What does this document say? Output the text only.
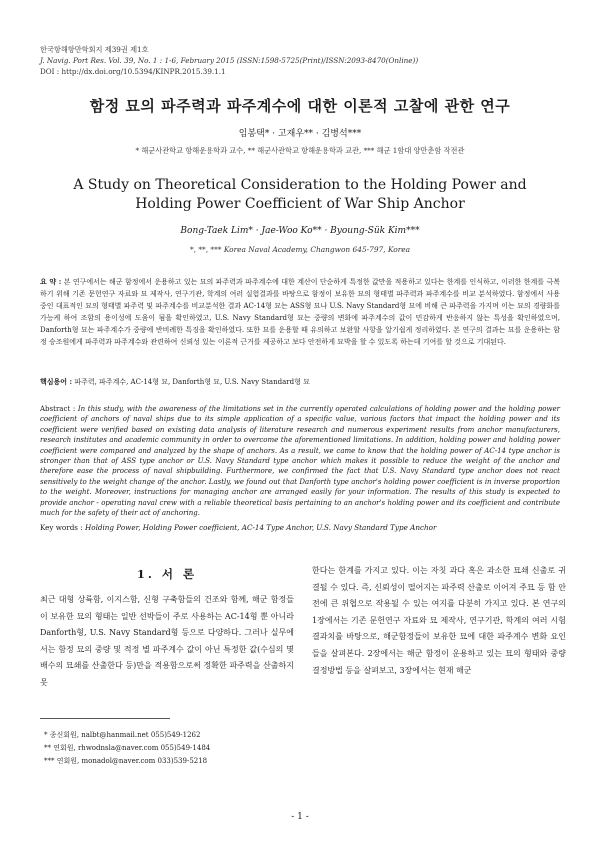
한국항해항만학회지 제39권 제1호
J. Navig. Port Res. Vol. 39, No. 1 : 1-6, February 2015 (ISSN:1598-5725(Print)/ISSN:2093-8470(Online))
DOI : http://dx.doi.org/10.5394/KINPR.2015.39.1.1
함정 묘의 파주력과 파주계수에 대한 이론적 고찰에 관한 연구
임봉택* · 고재우** · 김병석***
* 해군사관학교 항해운용학과 교수, ** 해군사관학교 항해운용학과 교관, *** 해군 1함대 양만춘함 작전관
A Study on Theoretical Consideration to the Holding Power and Holding Power Coefficient of War Ship Anchor
Bong-Taek Lim* · Jae-Woo Ko** · Byoung-Sük Kim***
*, **, *** Korea Naval Academy, Changwon 645-797, Korea
요 약 : 본 연구에서는 해군 함정에서 운용하고 있는 묘의 파주력과 파주계수에 대한 계산이 단순하게 특정한 값만을 적용하고 있다는 한계를 인식하고, 이러한 한계를 극복하기 위해 기존 문헌연구 자료와 묘 제작사, 연구기관, 학계의 여러 실험결과를 바탕으로 함정이 보유한 묘의 형태별 파주력과 파주계수를 비교 분석하였다. 함정에서 사용 중인 대표적인 묘의 형태별 파주력 및 파주계수를 비교분석한 결과 AC-14형 묘는 ASS형 묘나 U.S. Navy Standard형 묘에 비해 큰 파주력을 가지며 이는 묘의 경량화를 가능케 하여 조함의 용이성에 도움이 됨을 확인하였고, U.S. Navy Standard형 묘는 중량의 변화에 파주계수의 값이 민감하게 반응하지 않는 특성을 확인하였으며, Danforth형 묘는 파주계수가 중량에 반비례한 특징을 확인하였다. 또한 묘를 운용할 때 유의하고 보완할 사항을 알기쉽게 정리하였다. 본 연구의 결과는 묘를 운용하는 함정 승조원에게 파주력과 파주계수와 관련하여 신뢰성 있는 이론적 근거를 제공하고 보다 안전하게 묘박을 할 수 있도록 하는데 기여를 할 것으로 기대된다.
핵심용어 : 파주력, 파주계수, AC-14형 묘, Danforth형 묘, U.S. Navy Standard형 묘
Abstract : In this study, with the awareness of the limitations set in the currently operated calculations of holding power and the holding power coefficient of anchors of naval ships due to its simple application of a specific value, various factors that impact the holding power and its coefficient were verified based on existing data analysis of literature research and numerous experiment results from anchor manufacturers, research institutes and academic community in order to overcome the aforementioned limitations. In addition, holding power and holding power coefficient were compared and analyzed by the shape of anchors. As a result, we came to know that the holding power of AC-14 type anchor is stronger than that of ASS type anchor or U.S. Navy Standard type anchor which makes it possible to reduce the weight of the anchor and therefore ease the process of naval shipbuilding. Furthermore, we confirmed the fact that U.S. Navy Standard type anchor does not react sensitively to the weight change of the anchor. Lastly, we found out that Danforth type anchor's holding power coefficient is in inverse proportion to the weight. Moreover, instructions for managing anchor are arranged easily for your information. The results of this study is expected to provide anchor - operating naval crew with a reliable theoretical basis pertaining to an anchor's holding power and its coefficient and contribute much for the safety of their act of anchoring.
Key words : Holding Power, Holding Power coefficient, AC-14 Type Anchor, U.S. Navy Standard Type Anchor
1. 서 론
최근 대형 상륙함, 이지스함, 신형 구축함들의 건조와 함께, 해군 함정들이 보유한 묘의 형태는 일반 선박들이 주로 사용하는 AC-14형 뿐 아니라 Danforth형, U.S. Navy Standard형 등으로 다양하다. 그러나 실무에서는 함정 묘의 중량 및 적정 별 파주계수 값이 아닌 특정한 값(수심의 몇 배수의 묘쇄를 산출한다 등)만을 적용함으로써 정확한 파주력을 산출하지 못
한다는 한계를 가지고 있다. 이는 자칫 과다 혹은 과소한 묘쇄 신출로 귀결될 수 있다. 즉, 신뢰성이 떨어지는 파주력 산출로 이어져 주묘 등 함 안전에 큰 위협으로 작용될 수 있는 여지를 다분히 가지고 있다. 본 연구의 1장에서는 기존 문헌연구 자료와 묘 제작사, 연구기관, 학계의 여러 시험 결과치를 바탕으로, 해군함정들이 보유한 묘에 대한 파주계수 변화 요인들을 살펴본다. 2장에서는 해군 함정이 운용하고 있는 묘의 형태와 중량 결정방법 등을 살펴보고, 3장에서는 현재 해군
* 종신회원, nalbt@hanmail.net 055)549-1262
** 연회원, rhwodnsla@naver.com 055)549-1484
*** 연회원, monadol@naver.com 033)539-5218
- 1 -
